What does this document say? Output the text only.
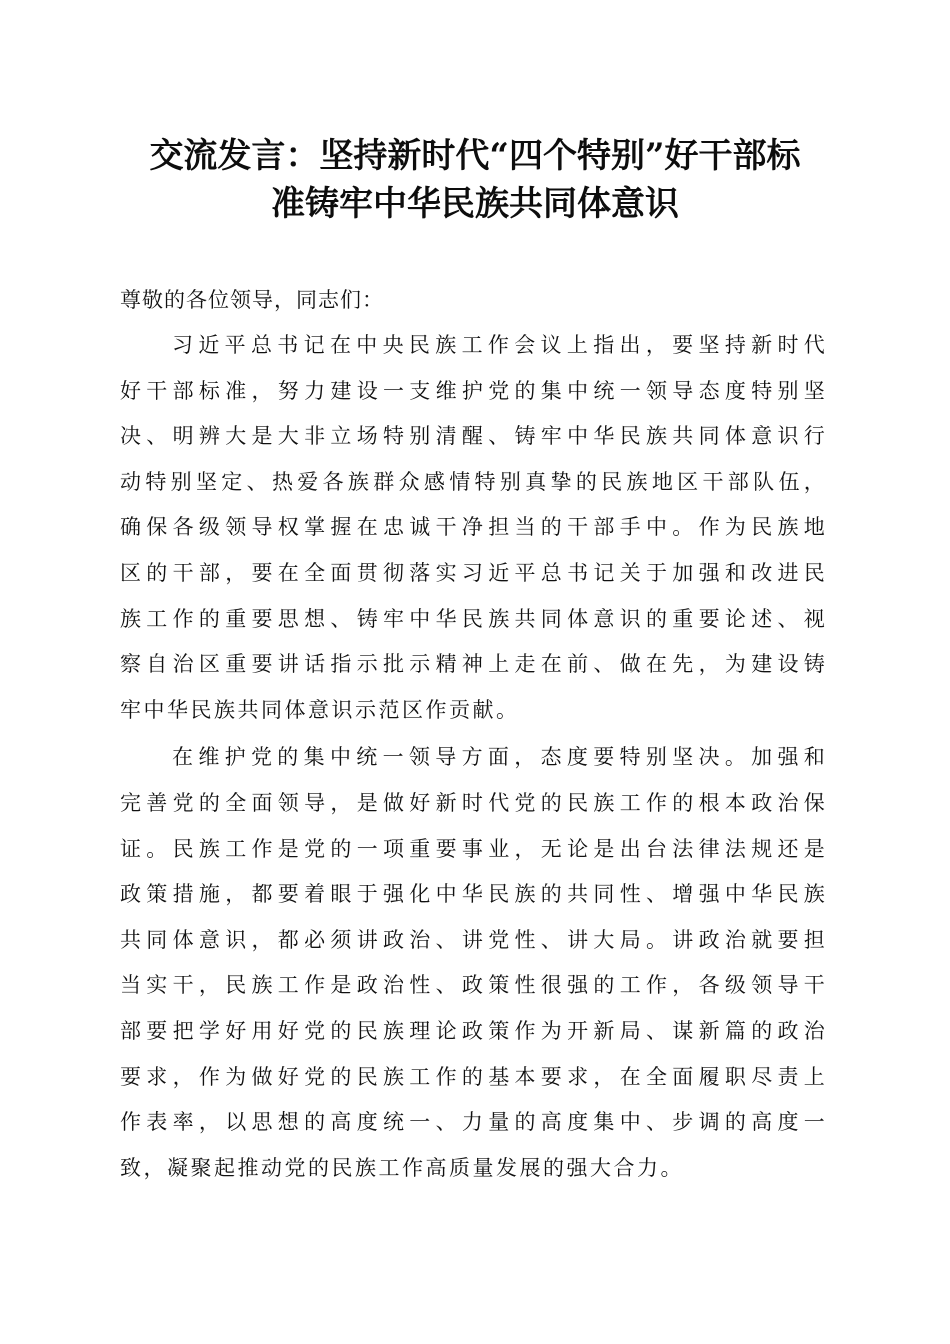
交流发言：坚持新时代“四个特别”好干部标
准铸牢中华民族共同体意识

尊敬的各位领导，同志们：

习近平总书记在中央民族工作会议上指出，要坚持新时代
好干部标准，努力建设一支维护党的集中统一领导态度特别坚
决、明辨大是大非立场特别清醒、铸牢中华民族共同体意识行
动特别坚定、热爱各族群众感情特别真挚的民族地区干部队伍，
确保各级领导权掌握在忠诚干净担当的干部手中。作为民族地
区的干部，要在全面贯彻落实习近平总书记关于加强和改进民
族工作的重要思想、铸牢中华民族共同体意识的重要论述、视
察自治区重要讲话指示批示精神上走在前、做在先，为建设铸
牢中华民族共同体意识示范区作贡献。

在维护党的集中统一领导方面，态度要特别坚决。加强和
完善党的全面领导，是做好新时代党的民族工作的根本政治保
证。民族工作是党的一项重要事业，无论是出台法律法规还是
政策措施，都要着眼于强化中华民族的共同性、增强中华民族
共同体意识，都必须讲政治、讲党性、讲大局。讲政治就要担
当实干，民族工作是政治性、政策性很强的工作，各级领导干
部要把学好用好党的民族理论政策作为开新局、谋新篇的政治
要求，作为做好党的民族工作的基本要求，在全面履职尽责上
作表率，以思想的高度统一、力量的高度集中、步调的高度一
致，凝聚起推动党的民族工作高质量发展的强大合力。
